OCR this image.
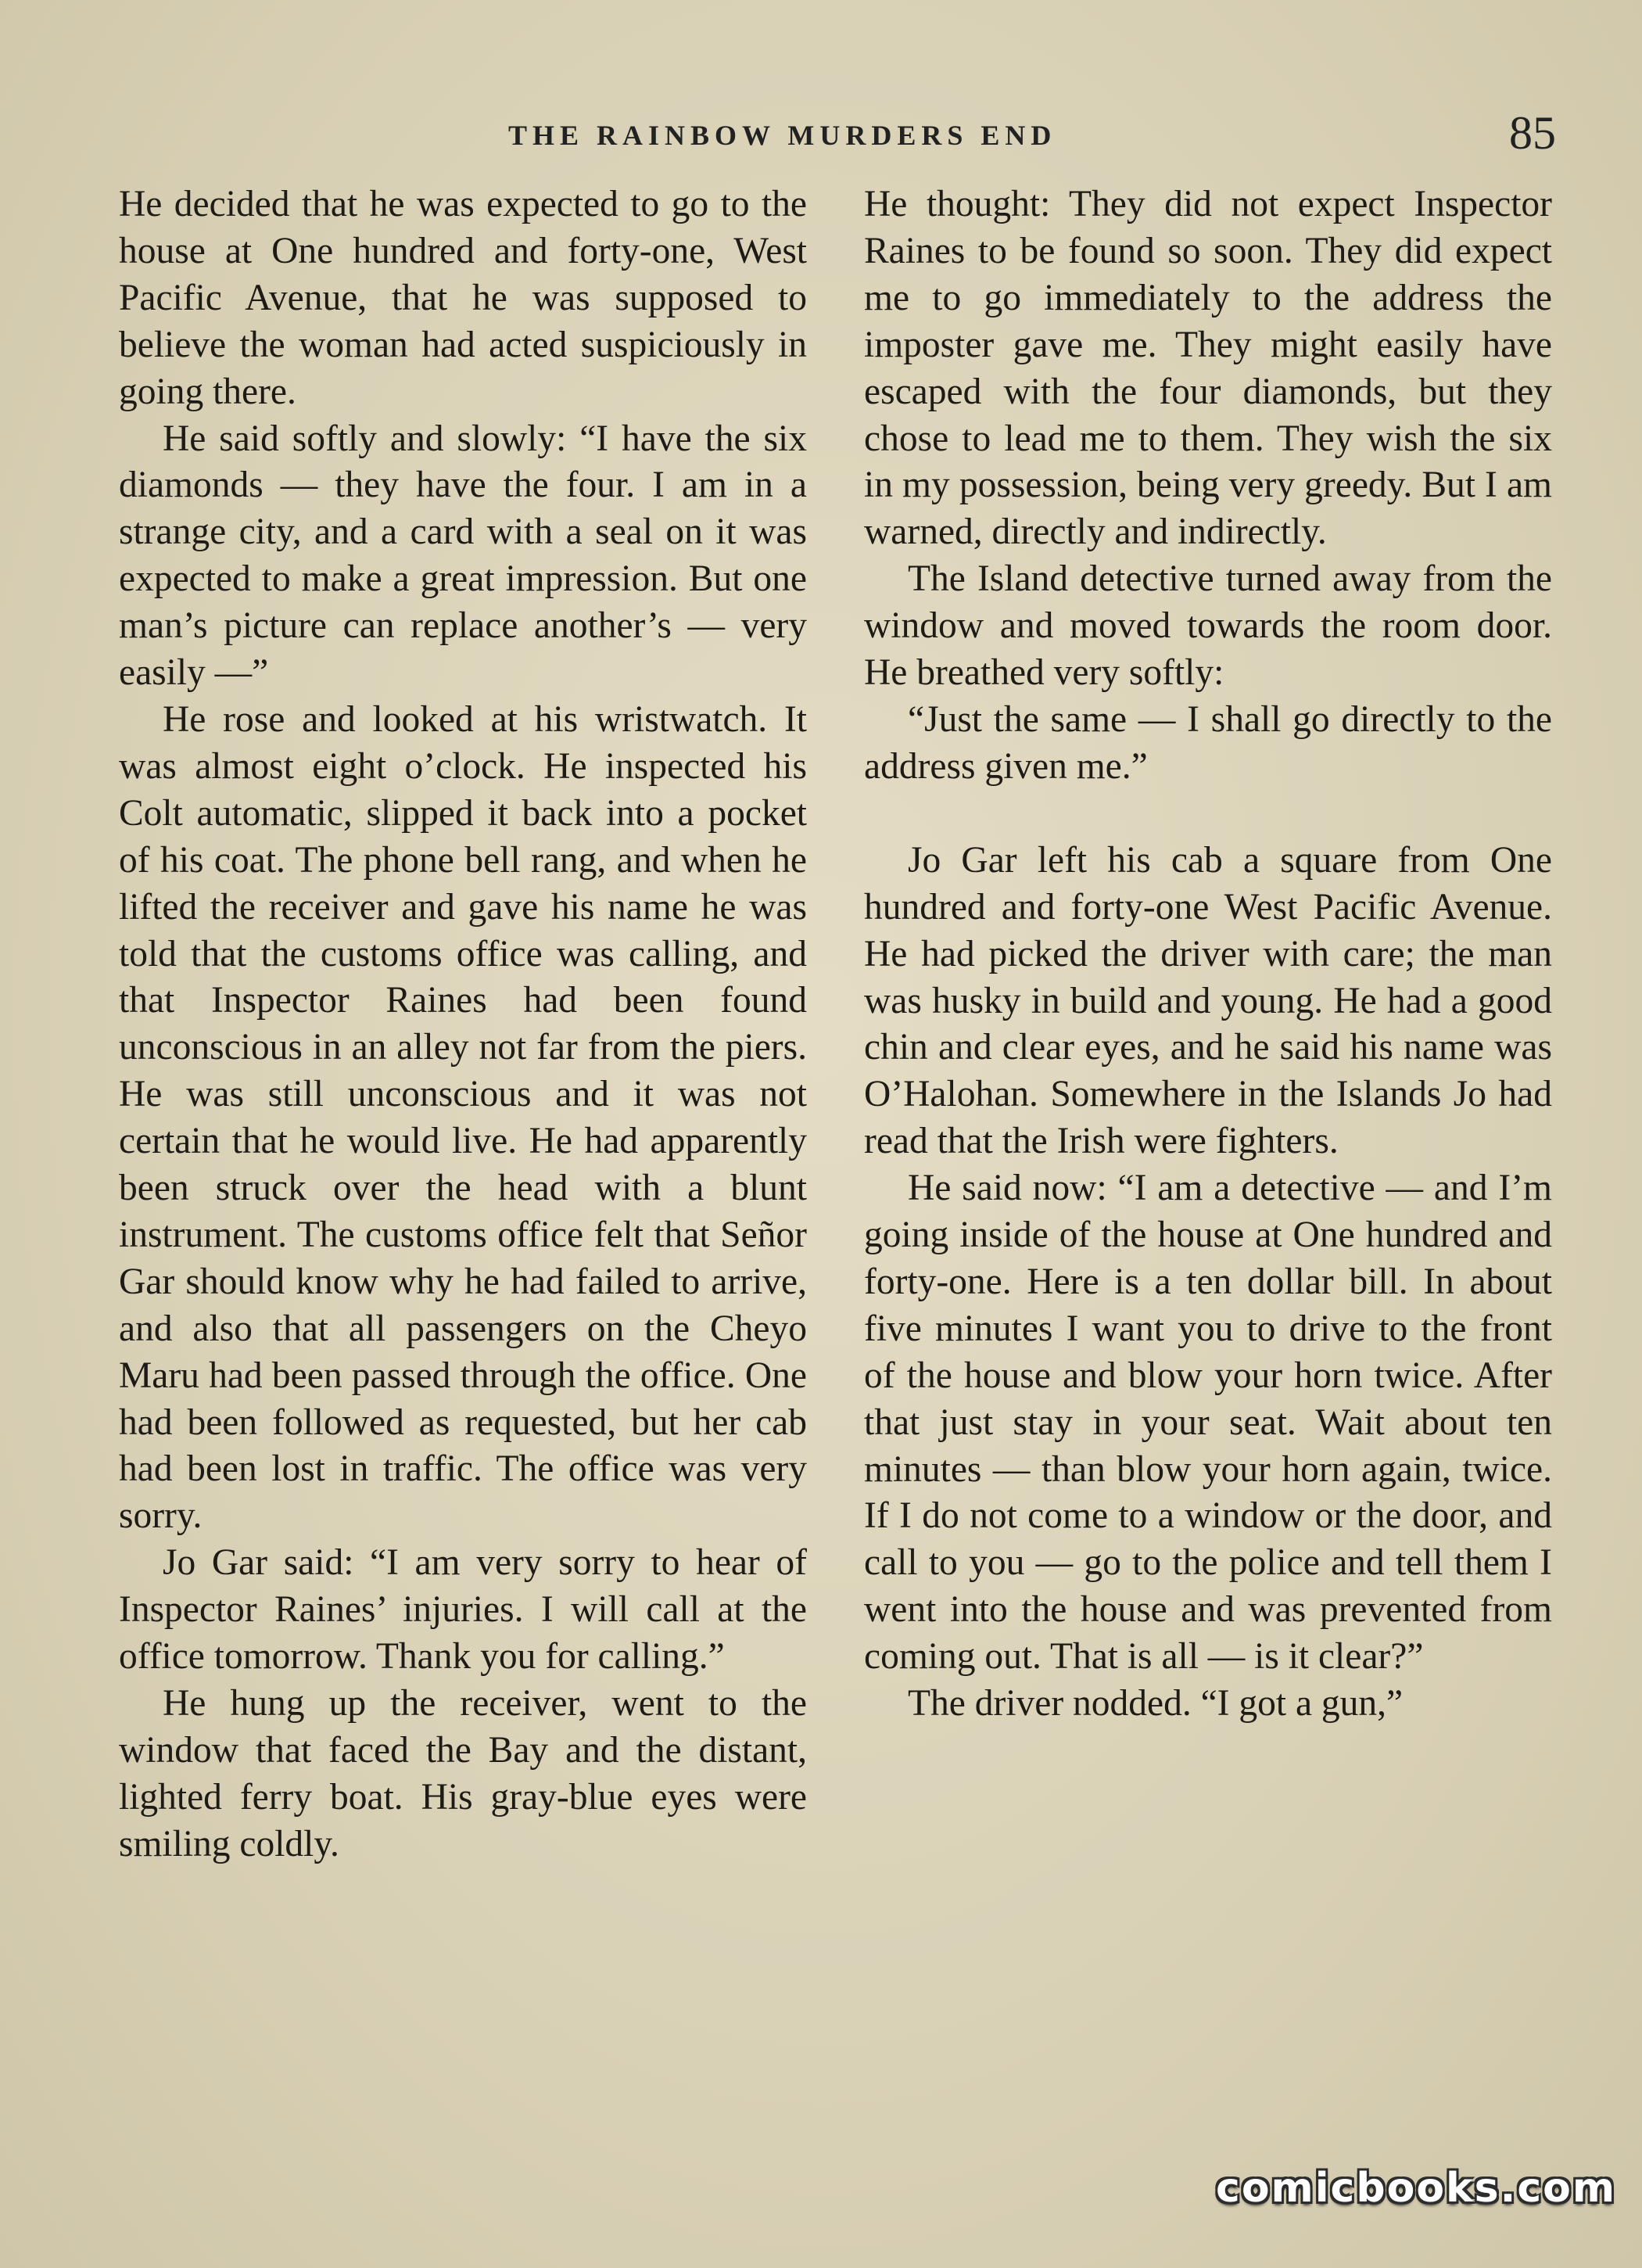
THE RAINBOW MURDERS END	85

He decided that he was expected to go to the house at One hundred and forty-one, West Pacific Avenue, that he was supposed to believe the woman had acted suspiciously in going there.

He said softly and slowly: “I have the six diamonds — they have the four. I am in a strange city, and a card with a seal on it was expected to make a great impression. But one man’s picture can replace another’s — very easily —”

He rose and looked at his wristwatch. It was almost eight o’clock. He inspected his Colt automatic, slipped it back into a pocket of his coat. The phone bell rang, and when he lifted the receiver and gave his name he was told that the customs office was calling, and that Inspector Raines had been found unconscious in an alley not far from the piers. He was still unconscious and it was not certain that he would live. He had apparently been struck over the head with a blunt instrument. The customs office felt that Señor Gar should know why he had failed to arrive, and also that all passengers on the Cheyo Maru had been passed through the office. One had been followed as requested, but her cab had been lost in traffic. The office was very sorry.

Jo Gar said: “I am very sorry to hear of Inspector Raines’ injuries. I will call at the office tomorrow. Thank you for calling.”

He hung up the receiver, went to the window that faced the Bay and the distant, lighted ferry boat. His gray-blue eyes were smiling coldly.

He thought: They did not expect Inspector Raines to be found so soon. They did expect me to go immediately to the address the imposter gave me. They might easily have escaped with the four diamonds, but they chose to lead me to them. They wish the six in my possession, being very greedy. But I am warned, directly and indirectly.

The Island detective turned away from the window and moved towards the room door. He breathed very softly:

“Just the same — I shall go directly to the address given me.”

Jo Gar left his cab a square from One hundred and forty-one West Pacific Avenue. He had picked the driver with care; the man was husky in build and young. He had a good chin and clear eyes, and he said his name was O’Halohan. Somewhere in the Islands Jo had read that the Irish were fighters.

He said now: “I am a detective — and I’m going inside of the house at One hundred and forty-one. Here is a ten dollar bill. In about five minutes I want you to drive to the front of the house and blow your horn twice. After that just stay in your seat. Wait about ten minutes — than blow your horn again, twice. If I do not come to a window or the door, and call to you — go to the police and tell them I went into the house and was prevented from coming out. That is all — is it clear?”

The driver nodded. “I got a gun,”

comicbooks.com
